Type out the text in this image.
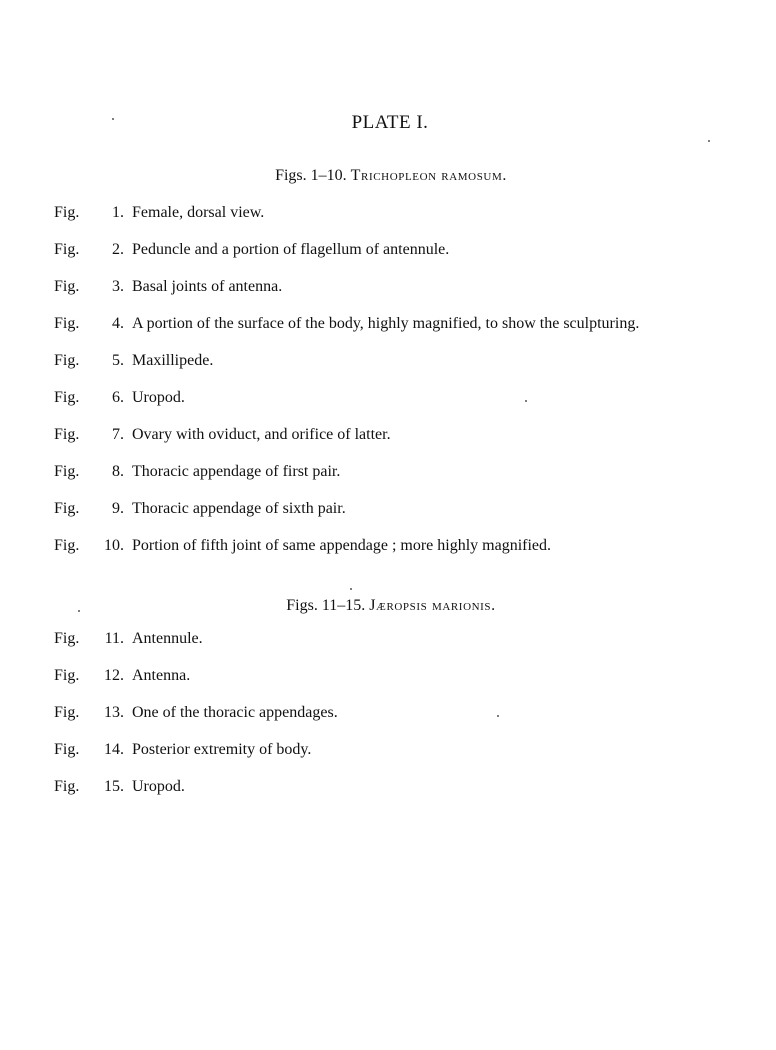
PLATE I.
Figs. 1–10. Trichopleon ramosum.
Fig.	1. Female, dorsal view.
Fig.	2. Peduncle and a portion of flagellum of antennule.
Fig.	3. Basal joints of antenna.
Fig.	4. A portion of the surface of the body, highly magnified, to show the sculpturing.
Fig.	5. Maxillipede.
Fig.	6. Uropod.
Fig.	7. Ovary with oviduct, and orifice of latter.
Fig.	8. Thoracic appendage of first pair.
Fig.	9. Thoracic appendage of sixth pair.
Fig.	10. Portion of fifth joint of same appendage ; more highly magnified.
Figs. 11–15. Jæropsis marionis.
Fig.	11. Antennule.
Fig.	12. Antenna.
Fig.	13. One of the thoracic appendages.
Fig.	14. Posterior extremity of body.
Fig.	15. Uropod.
